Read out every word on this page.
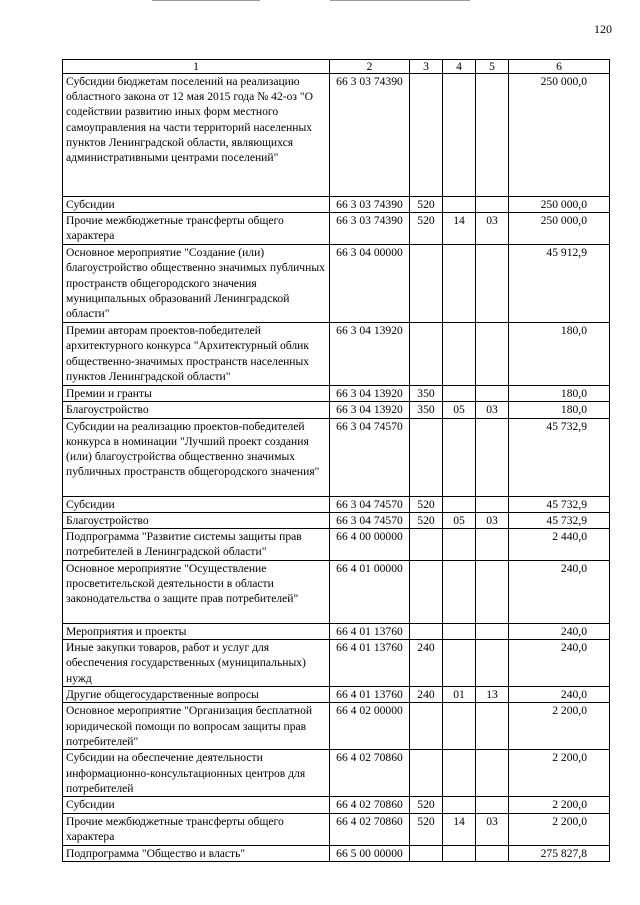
120
1	2	3	4	5	6
Субсидии бюджетам поселений на реализацию областного закона от 12 мая 2015 года № 42-оз "О содействии развитию иных форм местного самоуправления на части территорий населенных пунктов Ленинградской области, являющихся административными центрами поселений"	66 3 03 74390				250 000,0
Субсидии	66 3 03 74390	520			250 000,0
Прочие межбюджетные трансферты общего характера	66 3 03 74390	520	14	03	250 000,0
Основное мероприятие "Создание (или) благоустройство общественно значимых публичных пространств общегородского значения муниципальных образований Ленинградской области"	66 3 04 00000				45 912,9
Премии авторам проектов-победителей архитектурного конкурса "Архитектурный облик общественно-значимых пространств населенных пунктов Ленинградской области"	66 3 04 13920				180,0
Премии и гранты	66 3 04 13920	350			180,0
Благоустройство	66 3 04 13920	350	05	03	180,0
Субсидии на реализацию проектов-победителей конкурса в номинации "Лучший проект создания (или) благоустройства общественно значимых публичных пространств общегородского значения"	66 3 04 74570				45 732,9
Субсидии	66 3 04 74570	520			45 732,9
Благоустройство	66 3 04 74570	520	05	03	45 732,9
Подпрограмма "Развитие системы защиты прав потребителей в Ленинградской области"	66 4 00 00000				2 440,0
Основное мероприятие "Осуществление просветительской деятельности в области законодательства о защите прав потребителей"	66 4 01 00000				240,0
Мероприятия и проекты	66 4 01 13760				240,0
Иные закупки товаров, работ и услуг для обеспечения государственных (муниципальных) нужд	66 4 01 13760	240			240,0
Другие общегосударственные вопросы	66 4 01 13760	240	01	13	240,0
Основное мероприятие "Организация бесплатной юридической помощи по вопросам защиты прав потребителей"	66 4 02 00000				2 200,0
Субсидии на обеспечение деятельности информационно-консультационных центров для потребителей	66 4 02 70860				2 200,0
Субсидии	66 4 02 70860	520			2 200,0
Прочие межбюджетные трансферты общего характера	66 4 02 70860	520	14	03	2 200,0
Подпрограмма "Общество и власть"	66 5 00 00000				275 827,8
